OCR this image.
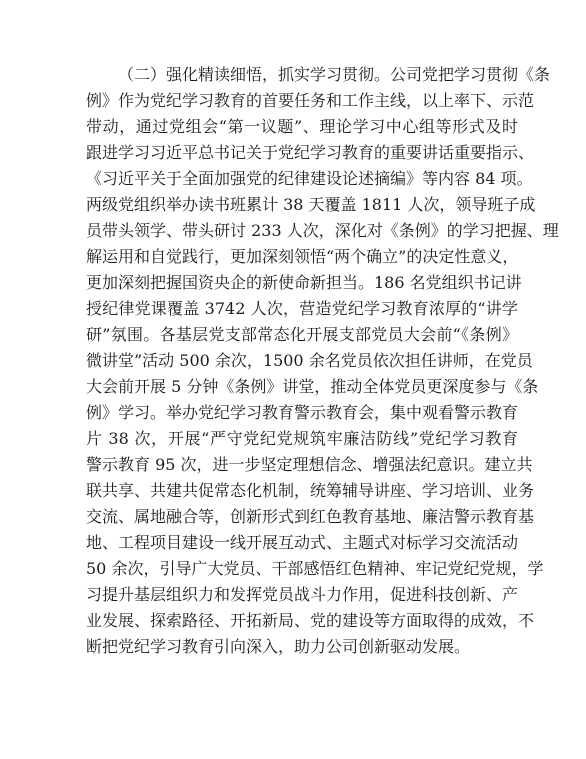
（二）强化精读细悟，抓实学习贯彻。公司党把学习贯彻《条
例》作为党纪学习教育的首要任务和工作主线，以上率下、示范
带动，通过党组会“第一议题”、理论学习中心组等形式及时
跟进学习习近平总书记关于党纪学习教育的重要讲话重要指示、
《习近平关于全面加强党的纪律建设论述摘编》等内容 84 项。
两级党组织举办读书班累计 38 天覆盖 1811 人次，领导班子成
员带头领学、带头研讨 233 人次，深化对《条例》的学习把握、理
解运用和自觉践行，更加深刻领悟“两个确立”的决定性意义，
更加深刻把握国资央企的新使命新担当。186 名党组织书记讲
授纪律党课覆盖 3742 人次，营造党纪学习教育浓厚的“讲学
研”氛围。各基层党支部常态化开展支部党员大会前“《条例》
微讲堂”活动 500 余次，1500 余名党员依次担任讲师，在党员
大会前开展 5 分钟《条例》讲堂，推动全体党员更深度参与《条
例》学习。举办党纪学习教育警示教育会，集中观看警示教育
片 38 次，开展“严守党纪党规筑牢廉洁防线”党纪学习教育
警示教育 95 次，进一步坚定理想信念、增强法纪意识。建立共
联共享、共建共促常态化机制，统筹辅导讲座、学习培训、业务
交流、属地融合等，创新形式到红色教育基地、廉洁警示教育基
地、工程项目建设一线开展互动式、主题式对标学习交流活动
50 余次，引导广大党员、干部感悟红色精神、牢记党纪党规，学
习提升基层组织力和发挥党员战斗力作用，促进科技创新、产
业发展、探索路径、开拓新局、党的建设等方面取得的成效，不
断把党纪学习教育引向深入，助力公司创新驱动发展。
